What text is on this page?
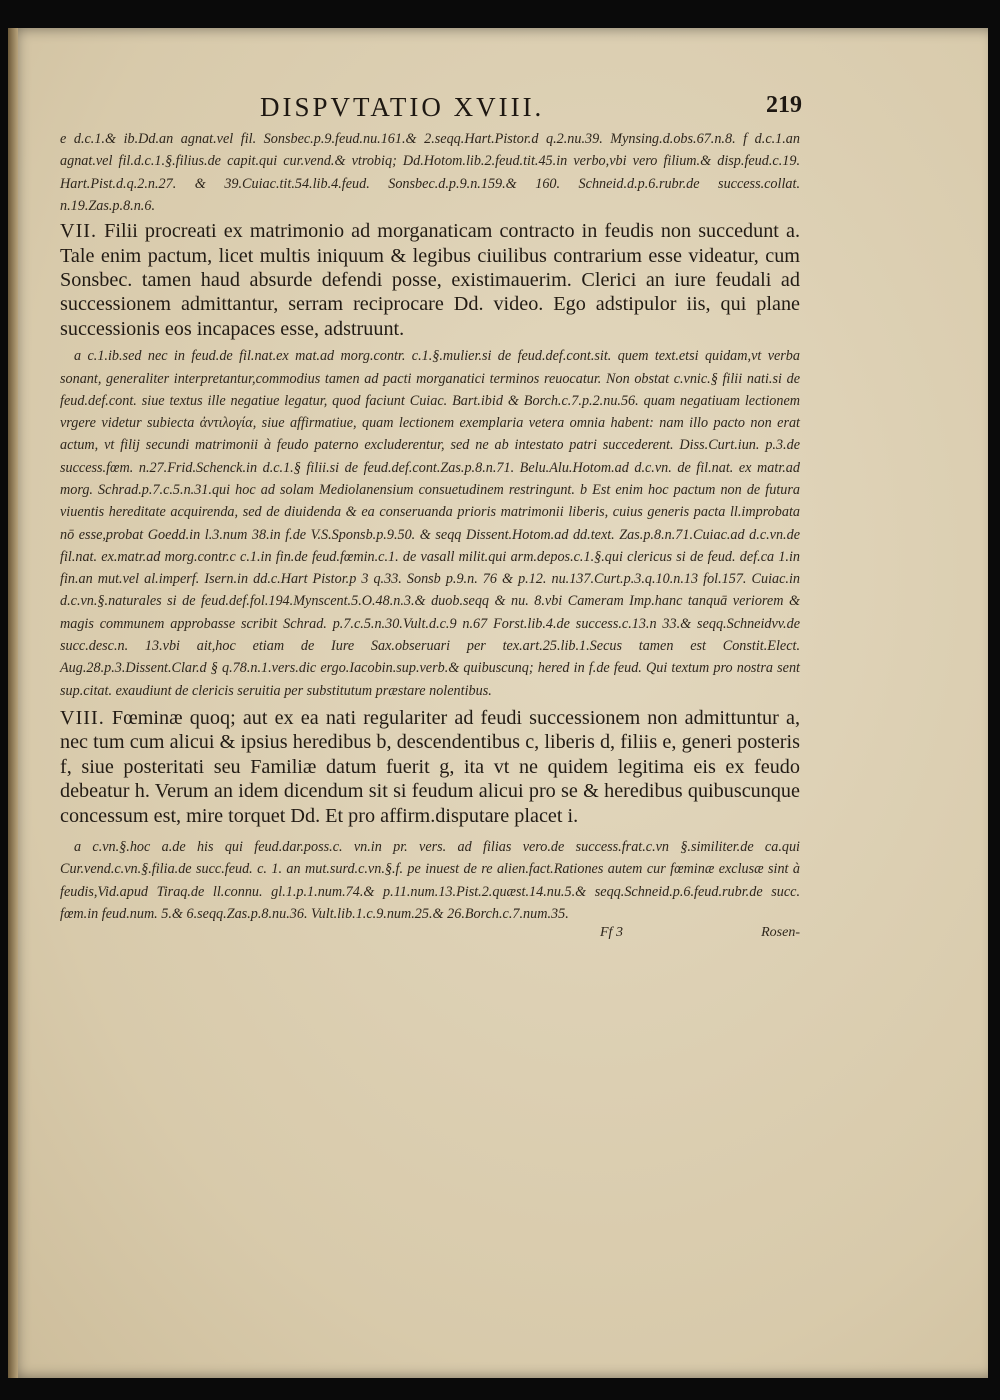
DISPVTATIO XVIII.	219

e d.c.1.& ib.Dd.an agnat.vel fil. Sonsbec.p.9.feud.nu.161.& 2.seqq.Hart.Pistor.d q.2.nu.39. Mynsing.d.obs.67.n.8. f d.c.1.an agnat.vel fil.d.c.1.§.filius.de capit.qui cur.vend.& vtrobiq; Dd.Hotom.lib.2.feud.tit.45.in verbo,vbi vero filium.& disp.feud.c.19. Hart.Pist.d.q.2.n.27. & 39.Cuiac.tit.54.lib.4.feud. Sonsbec.d.p.9.n.159.& 160. Schneid.d.p.6.rubr.de success.collat. n.19.Zas.p.8.n.6.

VII. Filii procreati ex matrimonio ad morganaticam contracto in feudis non succedunt a. Tale enim pactum, licet multis iniquum & legibus ciuilibus contrarium esse videatur, cum Sonsbec. tamen haud absurde defendi posse, existimauerim. Clerici an iure feudali ad successionem admittantur, serram reciprocare Dd. video. Ego adstipulor iis, qui plane successionis eos incapaces esse, adstruunt.

a c.1.ib.sed nec in feud.de fil.nat.ex mat.ad morg.contr. c.1.§.mulier.si de feud.def.cont.sit. quem text.etsi quidam,vt verba sonant, generaliter interpretantur,commodius tamen ad pacti morganatici terminos reuocatur. Non obstat c.vnic.§ filii nati.si de feud.def.cont. siue textus ille negatiue legatur, quod faciunt Cuiac. Bart.ibid & Borch.c.7.p.2.nu.56. quam negatiuam lectionem vrgere videtur subiecta ἀντιλογία, siue affirmatiue, quam lectionem exemplaria vetera omnia habent: nam illo pacto non erat actum, vt filij secundi matrimonii à feudo paterno excluderentur, sed ne ab intestato patri succederent. Diss.Curt.iun. p.3.de success.fœm. n.27.Frid.Schenck.in d.c.1.§ filii.si de feud.def.cont.Zas.p.8.n.71. Belu.Alu.Hotom.ad d.c.vn. de fil.nat. ex matr.ad morg. Schrad.p.7.c.5.n.31.qui hoc ad solam Mediolanensium consuetudinem restringunt. b Est enim hoc pactum non de futura viuentis hereditate acquirenda, sed de diuidenda & ea conseruanda prioris matrimonii liberis, cuius generis pacta ll.improbata nō esse,probat Goedd.in l.3.num 38.in f.de V.S.Sponsb.p.9.50. & seqq Dissent.Hotom.ad dd.text. Zas.p.8.n.71.Cuiac.ad d.c.vn.de fil.nat. ex.matr.ad morg.contr.c c.1.in fin.de feud.fœmin.c.1. de vasall milit.qui arm.depos.c.1.§.qui clericus si de feud. def.ca 1.in fin.an mut.vel al.imperf. Isern.in dd.c.Hart Pistor.p 3 q.33. Sonsb p.9.n. 76 & p.12. nu.137.Curt.p.3.q.10.n.13 fol.157. Cuiac.in d.c.vn.§.naturales si de feud.def.fol.194.Mynscent.5.O.48.n.3.& duob.seqq & nu. 8.vbi Cameram Imp.hanc tanquā veriorem & magis communem approbasse scribit Schrad. p.7.c.5.n.30.Vult.d.c.9 n.67 Forst.lib.4.de success.c.13.n 33.& seqq.Schneidvv.de succ.desc.n. 13.vbi ait,hoc etiam de Iure Sax.obseruari per tex.art.25.lib.1.Secus tamen est Constit.Elect. Aug.28.p.3.Dissent.Clar.d § q.78.n.1.vers.dic ergo.Iacobin.sup.verb.& quibuscunq; hered in f.de feud. Qui textum pro nostra sent sup.citat. exaudiunt de clericis seruitia per substitutum præstare nolentibus.

VIII. Fœminæ quoq; aut ex ea nati regulariter ad feudi successionem non admittuntur a, nec tum cum alicui & ipsius heredibus b, descendentibus c, liberis d, filiis e, generi posteris f, siue posteritati seu Familiæ datum fuerit g, ita vt ne quidem legitima eis ex feudo debeatur h. Verum an idem dicendum sit si feudum alicui pro se & heredibus quibuscunque concessum est, mire torquet Dd. Et pro affirm.disputare placet i.

a c.vn.§.hoc a.de his qui feud.dar.poss.c. vn.in pr. vers. ad filias vero.de success.frat.c.vn §.similiter.de ca.qui Cur.vend.c.vn.§.filia.de succ.feud. c. 1. an mut.surd.c.vn.§.f. pe inuest de re alien.fact.Rationes autem cur fœminæ exclusæ sint à feudis,Vid.apud Tiraq.de ll.connu. gl.1.p.1.num.74.& p.11.num.13.Pist.2.quæst.14.nu.5.& seqq.Schneid.p.6.feud.rubr.de succ. fœm.in feud.num. 5.& 6.seqq.Zas.p.8.nu.36. Vult.lib.1.c.9.num.25.& 26.Borch.c.7.num.35.

Ff 3	Rosen-
